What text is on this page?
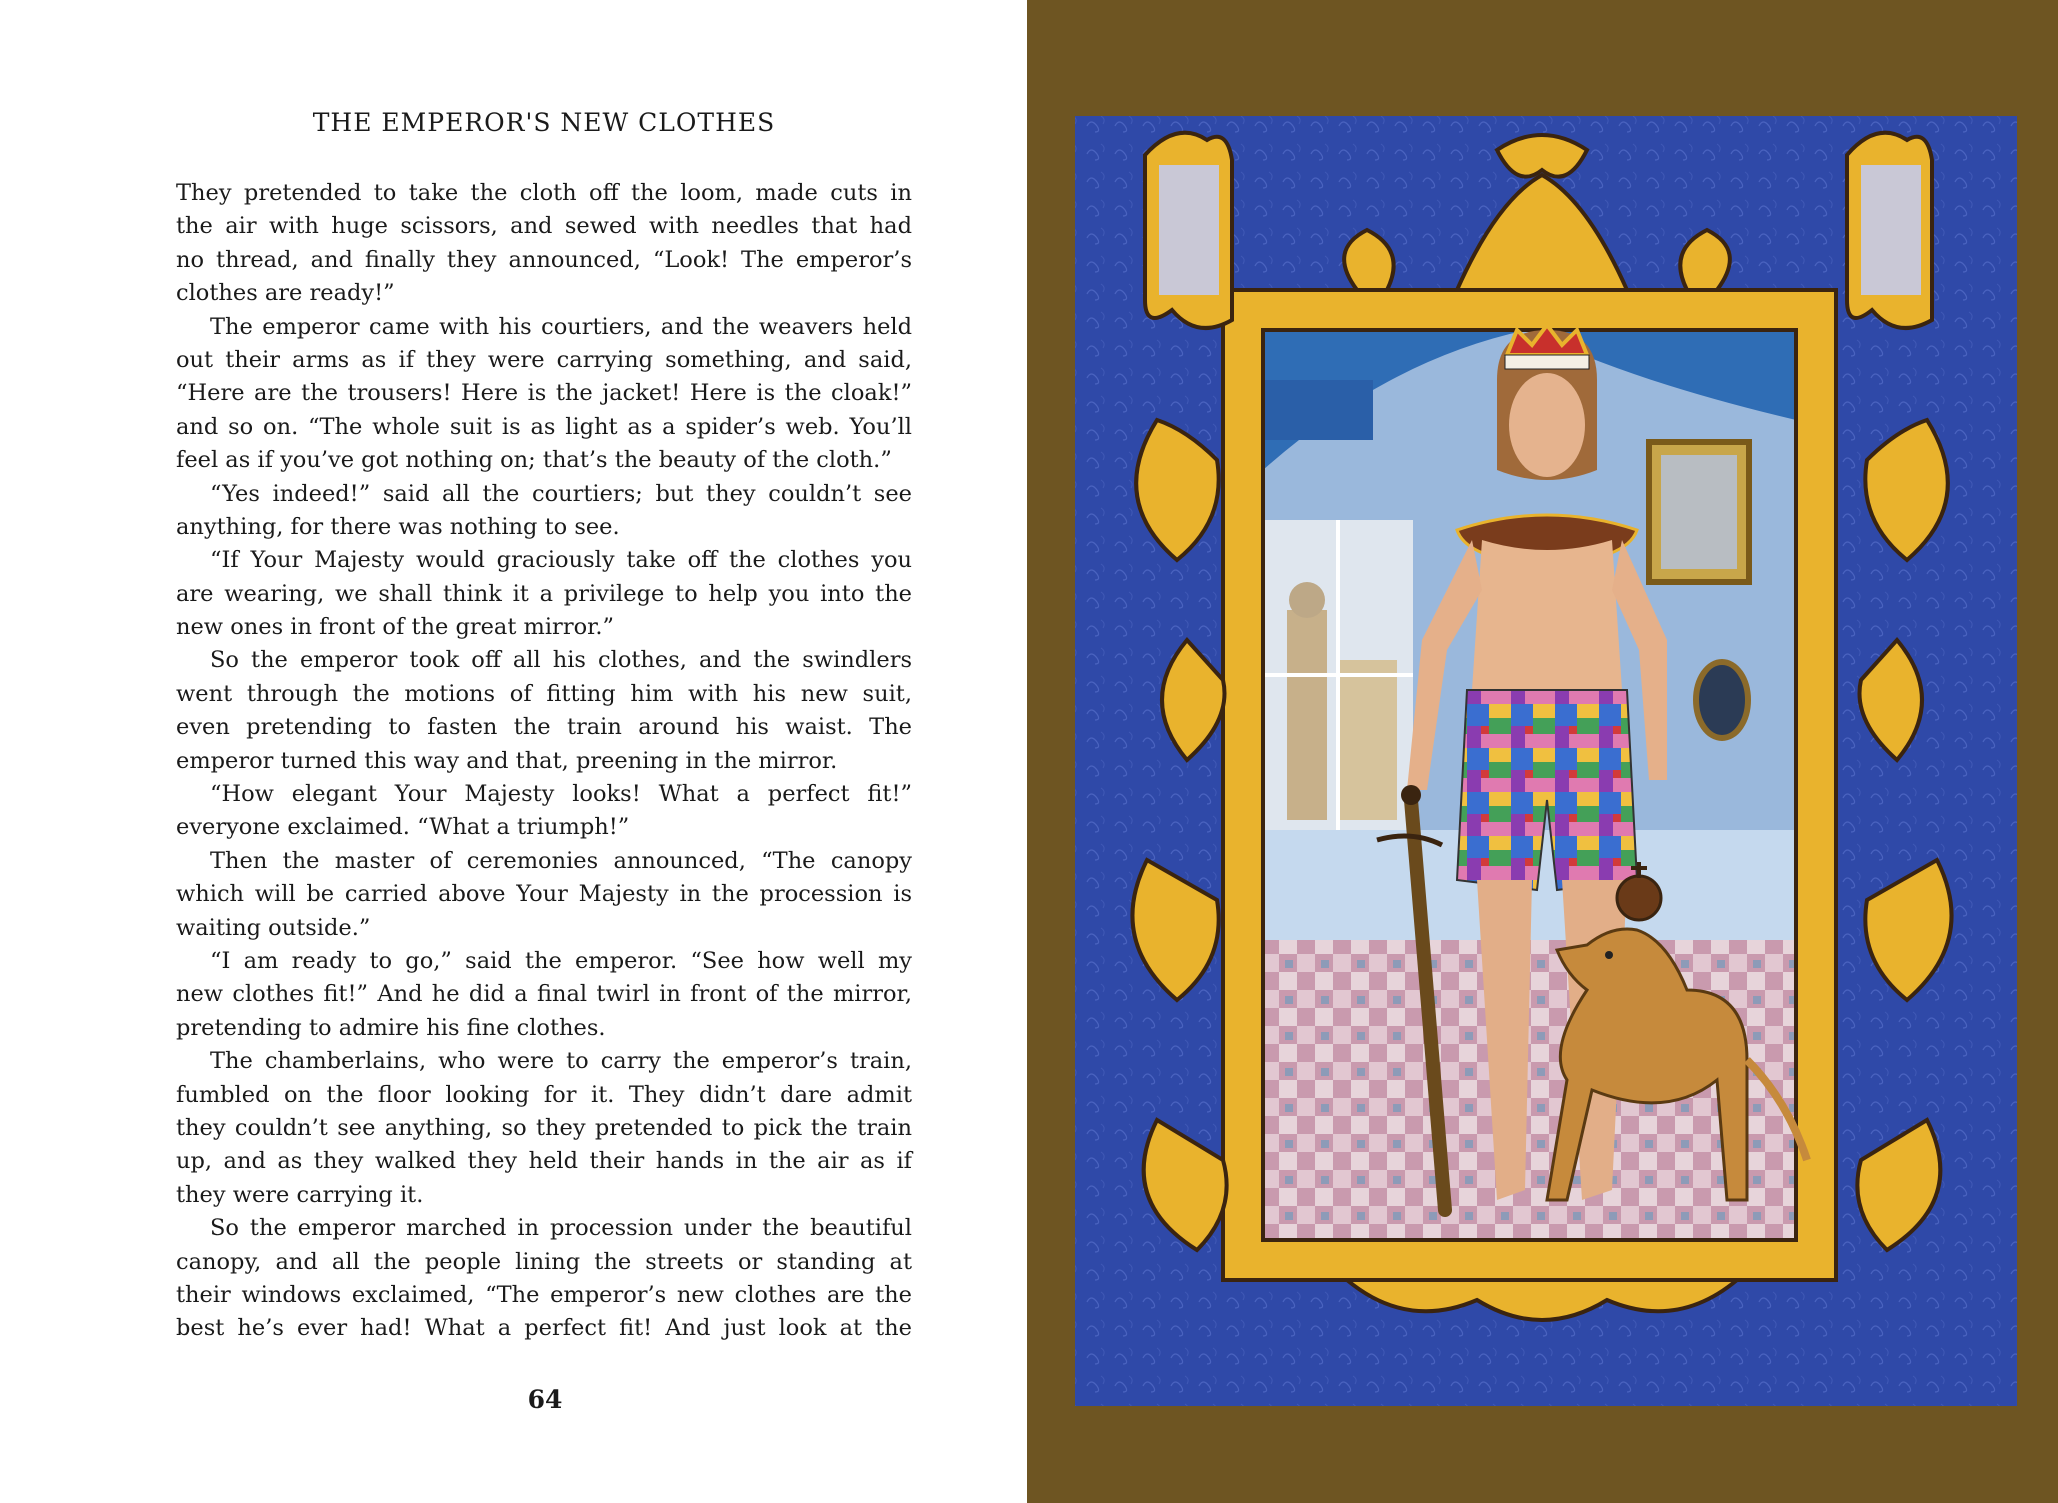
THE EMPEROR'S NEW CLOTHES
They pretended to take the cloth off the loom, made cuts in
the air with huge scissors, and sewed with needles that had
no thread, and finally they announced, “Look! The emperor’s
clothes are ready!”
The emperor came with his courtiers, and the weavers held
out their arms as if they were carrying something, and said,
“Here are the trousers! Here is the jacket! Here is the cloak!”
and so on. “The whole suit is as light as a spider’s web. You’ll
feel as if you’ve got nothing on; that’s the beauty of the cloth.”
“Yes indeed!” said all the courtiers; but they couldn’t see
anything, for there was nothing to see.
“If Your Majesty would graciously take off the clothes you
are wearing, we shall think it a privilege to help you into the
new ones in front of the great mirror.”
So the emperor took off all his clothes, and the swindlers
went through the motions of fitting him with his new suit,
even pretending to fasten the train around his waist. The
emperor turned this way and that, preening in the mirror.
“How elegant Your Majesty looks! What a perfect fit!”
everyone exclaimed. “What a triumph!”
Then the master of ceremonies announced, “The canopy
which will be carried above Your Majesty in the procession is
waiting outside.”
“I am ready to go,” said the emperor. “See how well my
new clothes fit!” And he did a final twirl in front of the mirror,
pretending to admire his fine clothes.
The chamberlains, who were to carry the emperor’s train,
fumbled on the floor looking for it. They didn’t dare admit
they couldn’t see anything, so they pretended to pick the train
up, and as they walked they held their hands in the air as if
they were carrying it.
So the emperor marched in procession under the beautiful
canopy, and all the people lining the streets or standing at
their windows exclaimed, “The emperor’s new clothes are the
best he’s ever had! What a perfect fit! And just look at the
64
